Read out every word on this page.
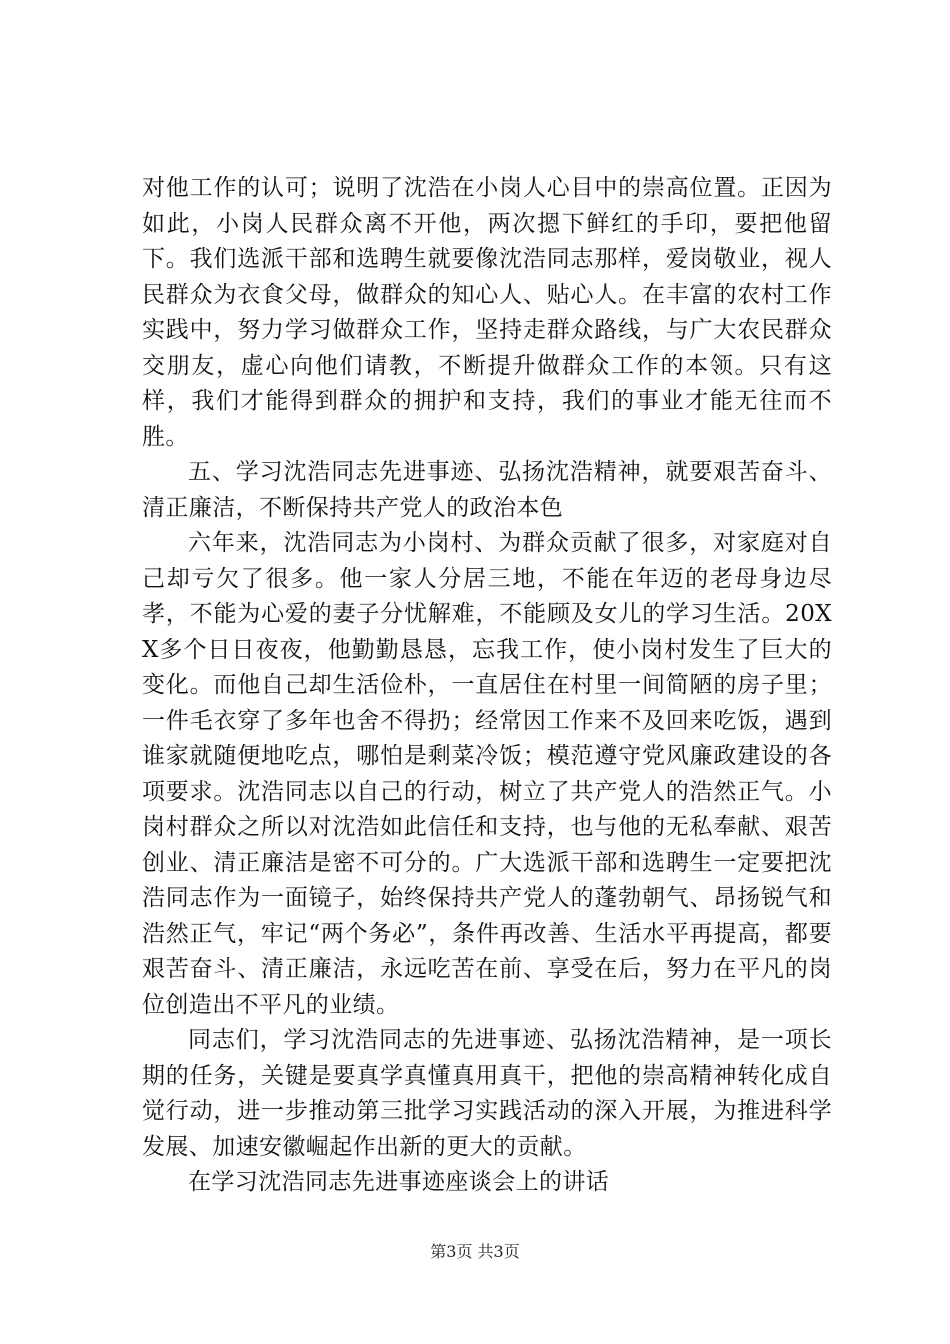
对他工作的认可；说明了沈浩在小岗人心目中的崇高位置。正因为如此，小岗人民群众离不开他，两次摁下鲜红的手印，要把他留下。我们选派干部和选聘生就要像沈浩同志那样，爱岗敬业，视人民群众为衣食父母，做群众的知心人、贴心人。在丰富的农村工作实践中，努力学习做群众工作，坚持走群众路线，与广大农民群众交朋友，虚心向他们请教，不断提升做群众工作的本领。只有这样，我们才能得到群众的拥护和支持，我们的事业才能无往而不胜。

五、学习沈浩同志先进事迹、弘扬沈浩精神，就要艰苦奋斗、清正廉洁，不断保持共产党人的政治本色

六年来，沈浩同志为小岗村、为群众贡献了很多，对家庭对自己却亏欠了很多。他一家人分居三地，不能在年迈的老母身边尽孝，不能为心爱的妻子分忧解难，不能顾及女儿的学习生活。20XX多个日日夜夜，他勤勤恳恳，忘我工作，使小岗村发生了巨大的变化。而他自己却生活俭朴，一直居住在村里一间简陋的房子里；一件毛衣穿了多年也舍不得扔；经常因工作来不及回来吃饭，遇到谁家就随便地吃点，哪怕是剩菜冷饭；模范遵守党风廉政建设的各项要求。沈浩同志以自己的行动，树立了共产党人的浩然正气。小岗村群众之所以对沈浩如此信任和支持，也与他的无私奉献、艰苦创业、清正廉洁是密不可分的。广大选派干部和选聘生一定要把沈浩同志作为一面镜子，始终保持共产党人的蓬勃朝气、昂扬锐气和浩然正气，牢记“两个务必”，条件再改善、生活水平再提高，都要艰苦奋斗、清正廉洁，永远吃苦在前、享受在后，努力在平凡的岗位创造出不平凡的业绩。

同志们，学习沈浩同志的先进事迹、弘扬沈浩精神，是一项长期的任务，关键是要真学真懂真用真干，把他的崇高精神转化成自觉行动，进一步推动第三批学习实践活动的深入开展，为推进科学发展、加速安徽崛起作出新的更大的贡献。

在学习沈浩同志先进事迹座谈会上的讲话

第3页 共3页
